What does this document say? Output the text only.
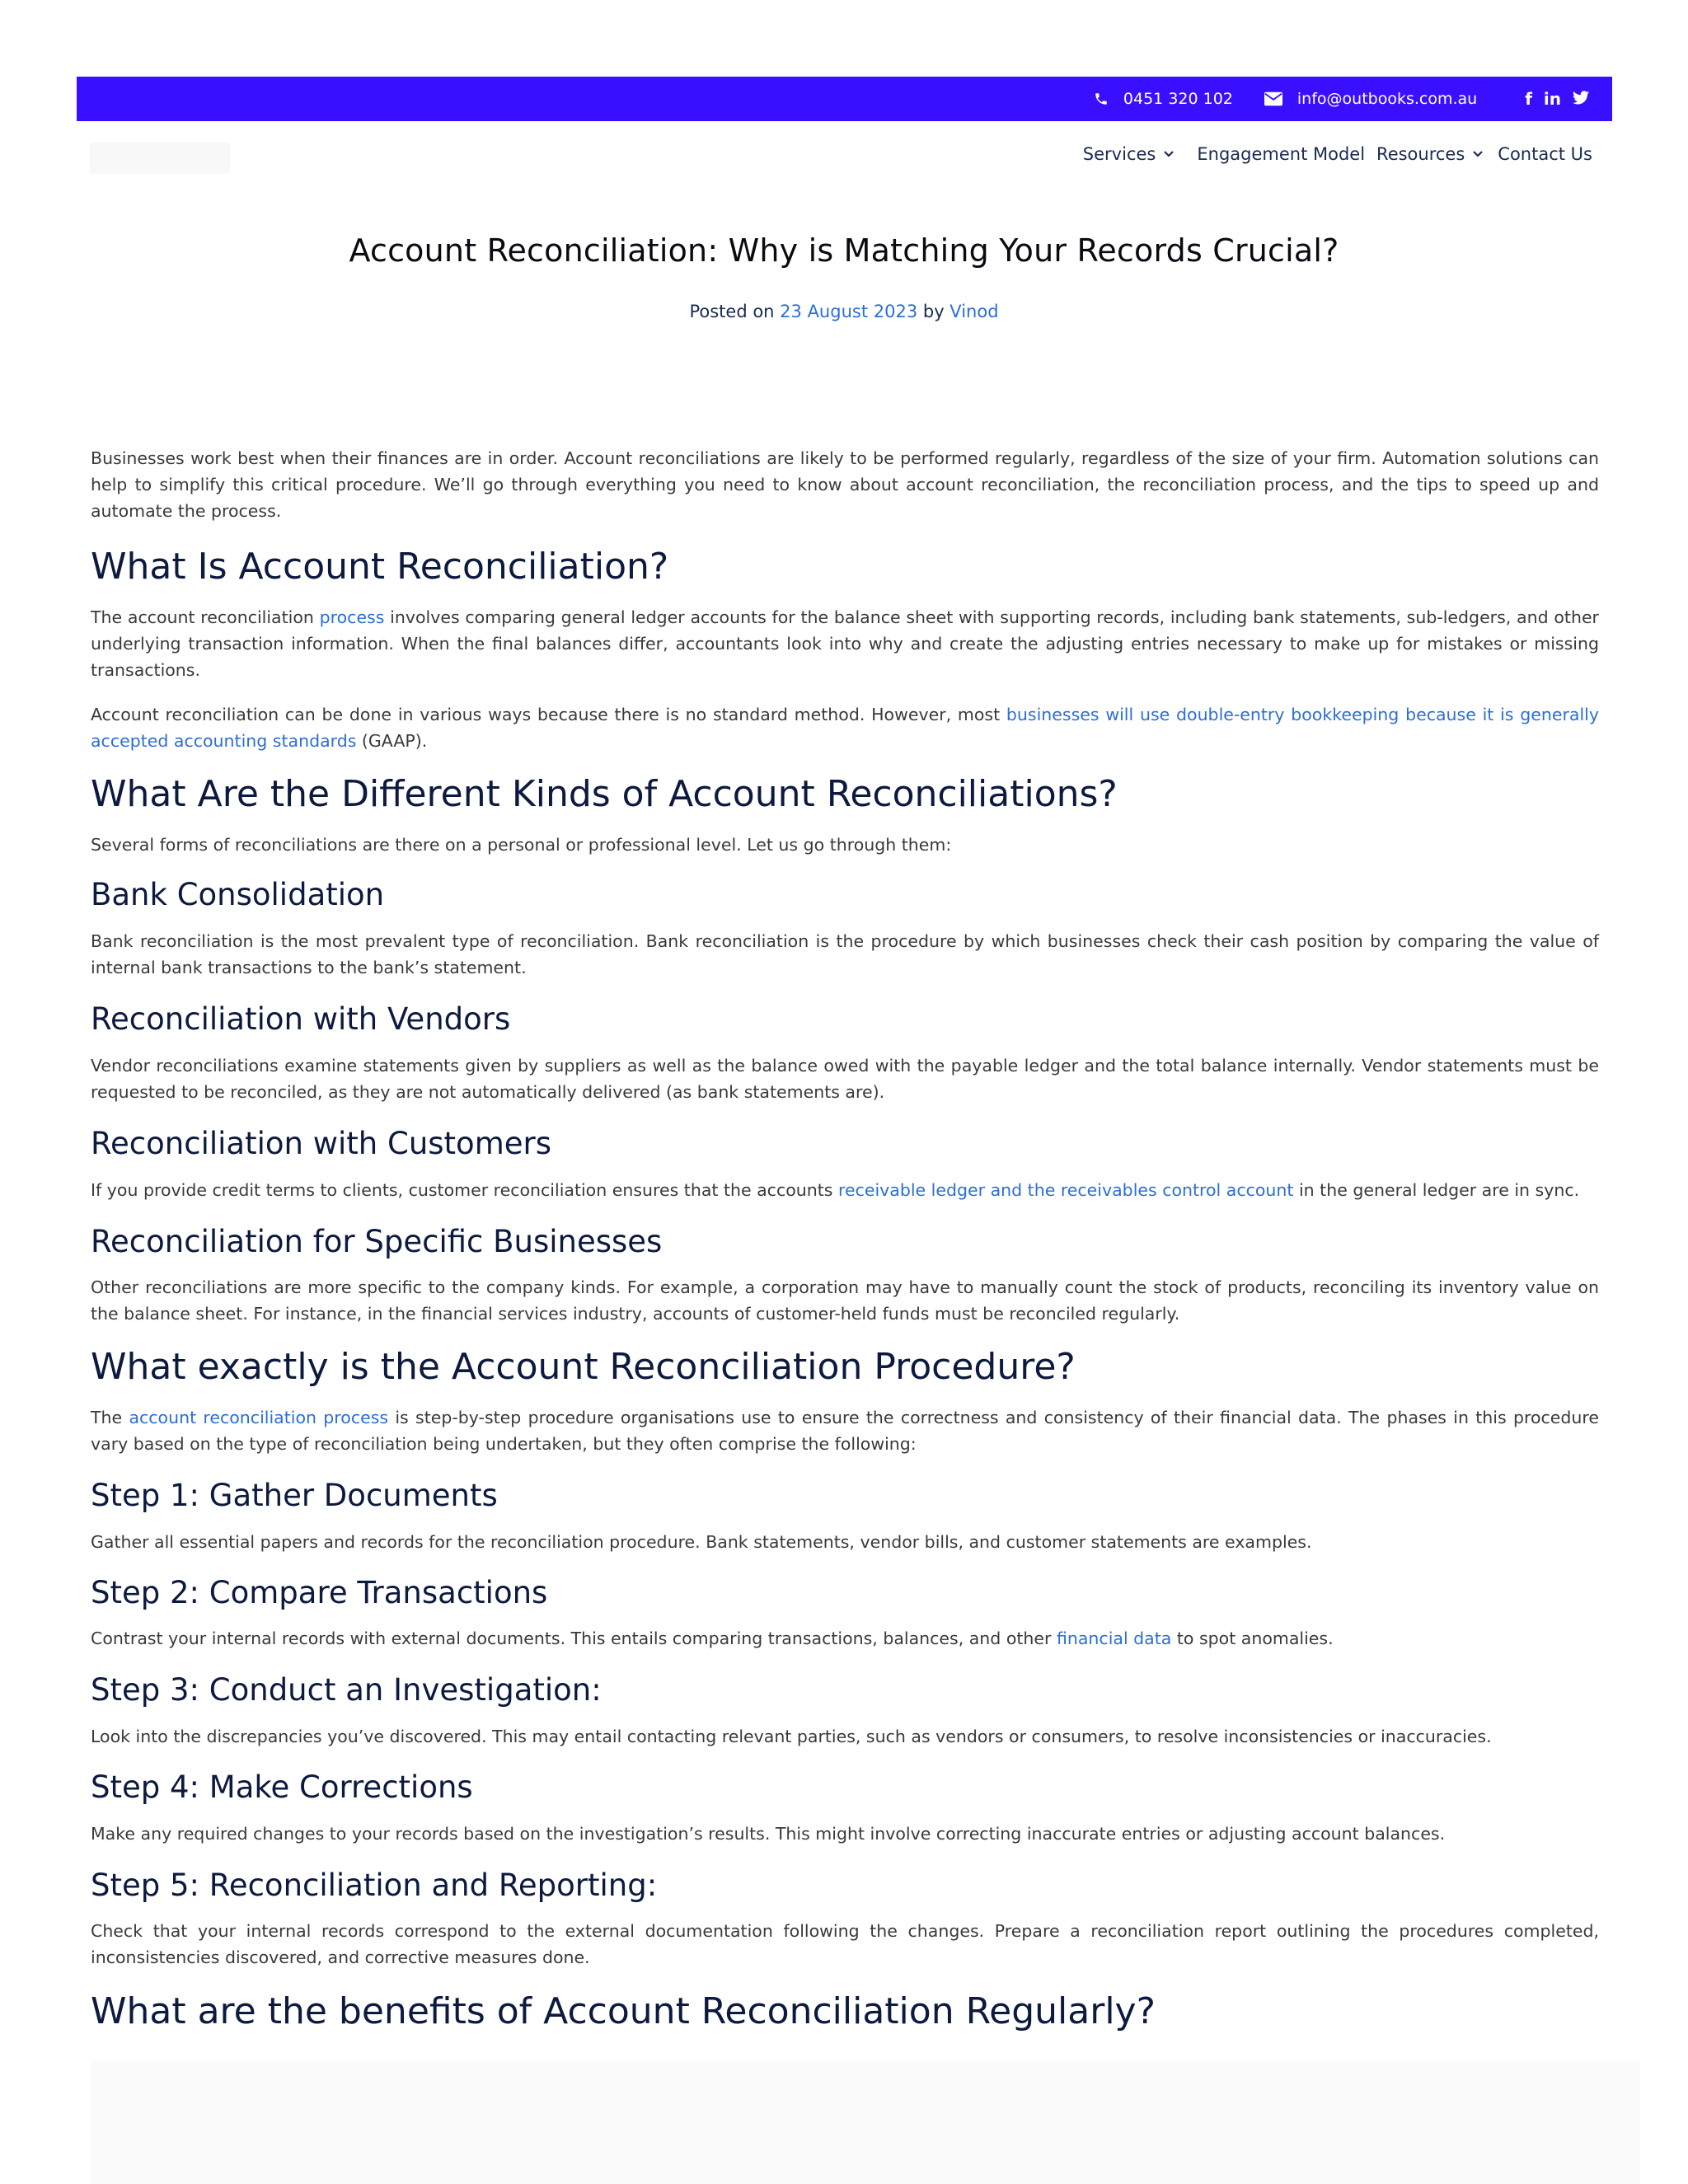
0451 320 102	info@outbooks.com.au	f in
Services Engagement Model Resources Contact Us
Account Reconciliation: Why is Matching Your Records Crucial?
Posted on 23 August 2023 by Vinod

Businesses work best when their finances are in order. Account reconciliations are likely to be performed regularly, regardless of the size of your firm. Automation solutions can help to simplify this critical procedure. We’ll go through everything you need to know about account reconciliation, the reconciliation process, and the tips to speed up and automate the process.

What Is Account Reconciliation?

The account reconciliation process involves comparing general ledger accounts for the balance sheet with supporting records, including bank statements, sub-ledgers, and other underlying transaction information. When the final balances differ, accountants look into why and create the adjusting entries necessary to make up for mistakes or missing transactions.

Account reconciliation can be done in various ways because there is no standard method. However, most businesses will use double-entry bookkeeping because it is generally accepted accounting standards (GAAP).

What Are the Different Kinds of Account Reconciliations?

Several forms of reconciliations are there on a personal or professional level. Let us go through them:

Bank Consolidation

Bank reconciliation is the most prevalent type of reconciliation. Bank reconciliation is the procedure by which businesses check their cash position by comparing the value of internal bank transactions to the bank’s statement.

Reconciliation with Vendors

Vendor reconciliations examine statements given by suppliers as well as the balance owed with the payable ledger and the total balance internally. Vendor statements must be requested to be reconciled, as they are not automatically delivered (as bank statements are).

Reconciliation with Customers

If you provide credit terms to clients, customer reconciliation ensures that the accounts receivable ledger and the receivables control account in the general ledger are in sync.

Reconciliation for Specific Businesses

Other reconciliations are more specific to the company kinds. For example, a corporation may have to manually count the stock of products, reconciling its inventory value on the balance sheet. For instance, in the financial services industry, accounts of customer-held funds must be reconciled regularly.

What exactly is the Account Reconciliation Procedure?

The account reconciliation process is step-by-step procedure organisations use to ensure the correctness and consistency of their financial data. The phases in this procedure vary based on the type of reconciliation being undertaken, but they often comprise the following:

Step 1: Gather Documents

Gather all essential papers and records for the reconciliation procedure. Bank statements, vendor bills, and customer statements are examples.

Step 2: Compare Transactions

Contrast your internal records with external documents. This entails comparing transactions, balances, and other financial data to spot anomalies.

Step 3: Conduct an Investigation:

Look into the discrepancies you’ve discovered. This may entail contacting relevant parties, such as vendors or consumers, to resolve inconsistencies or inaccuracies.

Step 4: Make Corrections

Make any required changes to your records based on the investigation’s results. This might involve correcting inaccurate entries or adjusting account balances.

Step 5: Reconciliation and Reporting:

Check that your internal records correspond to the external documentation following the changes. Prepare a reconciliation report outlining the procedures completed, inconsistencies discovered, and corrective measures done.

What are the benefits of Account Reconciliation Regularly?
